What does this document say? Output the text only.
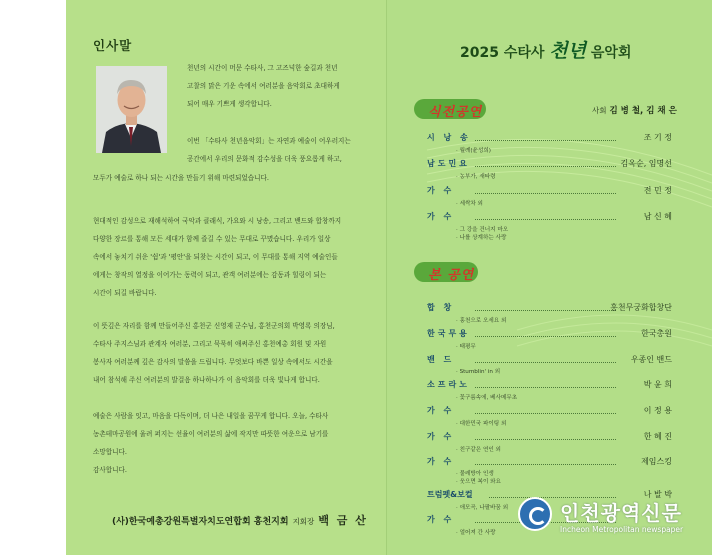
인사말
천년의 시간이 머문 수타사, 그 고즈넉한 숲길과 천년
고찰의 맑은 기운 속에서 여러분을 음악회로 초대하게
되어 매우 기쁘게 생각합니다.
이번 「수타사 천년음악회」는 자연과 예술이 어우러지는
공간에서 우리의 문화적 감수성을 더욱 풍요롭게 하고,
모두가 예술로 하나 되는 시간을 만들기 위해 마련되었습니다.
현대적인 감성으로 재해석하여 국악과 클래식, 가요와 시 낭송, 그리고 밴드와 합창까지
다양한 장르를 통해 모든 세대가 함께 즐길 수 있는 무대로 꾸몄습니다. 우리가 일상
속에서 놓치기 쉬운 '쉼'과 '평안'을 되찾는 시간이 되고, 이 무대를 통해 지역 예술인들
에게는 창작의 열정을 이어가는 동력이 되고, 관객 여러분에는 감동과 힐링이 되는
시간이 되길 바랍니다.
이 뜻깊은 자리를 함께 만들어주신 홍천군 신영재 군수님, 홍천군의회 박영록 의장님,
수타사 주지스님과 관계자 여러분, 그리고 묵묵히 애써주신 홍천예총 회원 및 자원
봉사자 여러분께 깊은 감사의 말씀을 드립니다. 무엇보다 바쁜 일상 속에서도 시간을
내어 참석해 주신 여러분의 발걸음 하나하나가 이 음악회를 더욱 빛나게 합니다.
예술은 사람을 잇고, 마음을 다독이며, 더 나은 내일을 꿈꾸게 합니다. 오늘, 수타사
농촌테마공원에 울려 퍼지는 선율이 여러분의 삶에 작지만 따뜻한 여운으로 남기를
소망합니다.
감사합니다.
(사)한국예총강원특별자치도연합회 홍천지회 지회장 백 금 산
2025 수타사 천년 음악회
식전공연	사회 김 병 철, 김 채 은
시 낭 송	조 기 정
· 월례(윤성희)
남도민요	김옥순, 임명선
· 농부가, 새타령
가 수	전 민 정
· 세싹차 외
가 수	남 신 혜
· 그 강을 건너지 마오
· 나를 상계하는 사랑
본 공연
합 창	홍천무궁화합창단
· 홍천으로 오세요 외
한국무용	한국총원
· 태평무
밴 드	우종인 밴드
· Stumblin' in 외
소프라노	박 윤 희
· 꽃구름속에, 베사메무초
가 수	이 정 용
· 대한민국 파이팅 외
가 수	한 혜 진
· 친구같은 연인 외
가 수	제임스킹
· 물레방아 인생
· 웃으면 복이 와요
트럼펫&보컬	나 발 박
· 애모곡, 나팔바꿈 외
가 수
· 얼어져 간 사랑
인천광역신문
Incheon Metropolitan newspaper
